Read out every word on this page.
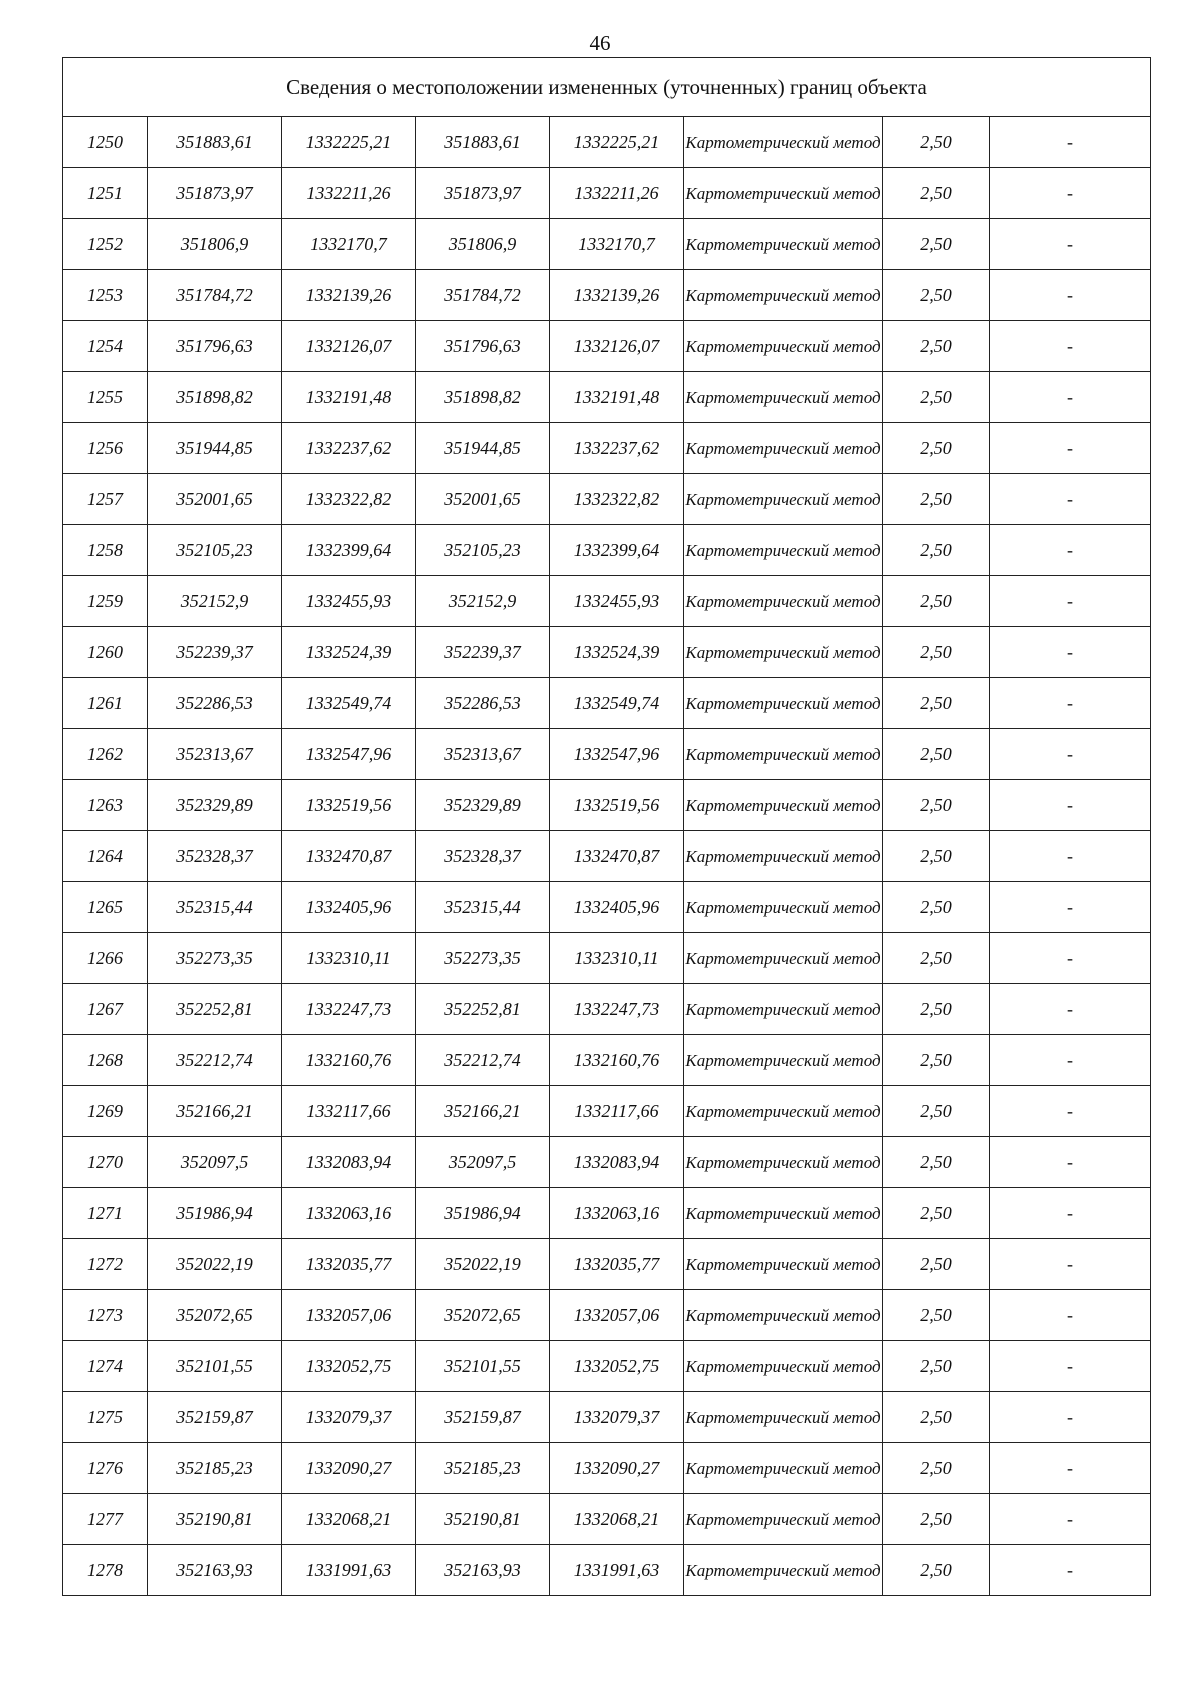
46
Сведения о местоположении измененных (уточненных) границ объекта							
1250	351883,61	1332225,21	351883,61	1332225,21	Картометрический метод	2,50	-
1251	351873,97	1332211,26	351873,97	1332211,26	Картометрический метод	2,50	-
1252	351806,9	1332170,7	351806,9	1332170,7	Картометрический метод	2,50	-
1253	351784,72	1332139,26	351784,72	1332139,26	Картометрический метод	2,50	-
1254	351796,63	1332126,07	351796,63	1332126,07	Картометрический метод	2,50	-
1255	351898,82	1332191,48	351898,82	1332191,48	Картометрический метод	2,50	-
1256	351944,85	1332237,62	351944,85	1332237,62	Картометрический метод	2,50	-
1257	352001,65	1332322,82	352001,65	1332322,82	Картометрический метод	2,50	-
1258	352105,23	1332399,64	352105,23	1332399,64	Картометрический метод	2,50	-
1259	352152,9	1332455,93	352152,9	1332455,93	Картометрический метод	2,50	-
1260	352239,37	1332524,39	352239,37	1332524,39	Картометрический метод	2,50	-
1261	352286,53	1332549,74	352286,53	1332549,74	Картометрический метод	2,50	-
1262	352313,67	1332547,96	352313,67	1332547,96	Картометрический метод	2,50	-
1263	352329,89	1332519,56	352329,89	1332519,56	Картометрический метод	2,50	-
1264	352328,37	1332470,87	352328,37	1332470,87	Картометрический метод	2,50	-
1265	352315,44	1332405,96	352315,44	1332405,96	Картометрический метод	2,50	-
1266	352273,35	1332310,11	352273,35	1332310,11	Картометрический метод	2,50	-
1267	352252,81	1332247,73	352252,81	1332247,73	Картометрический метод	2,50	-
1268	352212,74	1332160,76	352212,74	1332160,76	Картометрический метод	2,50	-
1269	352166,21	1332117,66	352166,21	1332117,66	Картометрический метод	2,50	-
1270	352097,5	1332083,94	352097,5	1332083,94	Картометрический метод	2,50	-
1271	351986,94	1332063,16	351986,94	1332063,16	Картометрический метод	2,50	-
1272	352022,19	1332035,77	352022,19	1332035,77	Картометрический метод	2,50	-
1273	352072,65	1332057,06	352072,65	1332057,06	Картометрический метод	2,50	-
1274	352101,55	1332052,75	352101,55	1332052,75	Картометрический метод	2,50	-
1275	352159,87	1332079,37	352159,87	1332079,37	Картометрический метод	2,50	-
1276	352185,23	1332090,27	352185,23	1332090,27	Картометрический метод	2,50	-
1277	352190,81	1332068,21	352190,81	1332068,21	Картометрический метод	2,50	-
1278	352163,93	1331991,63	352163,93	1331991,63	Картометрический метод	2,50	-
